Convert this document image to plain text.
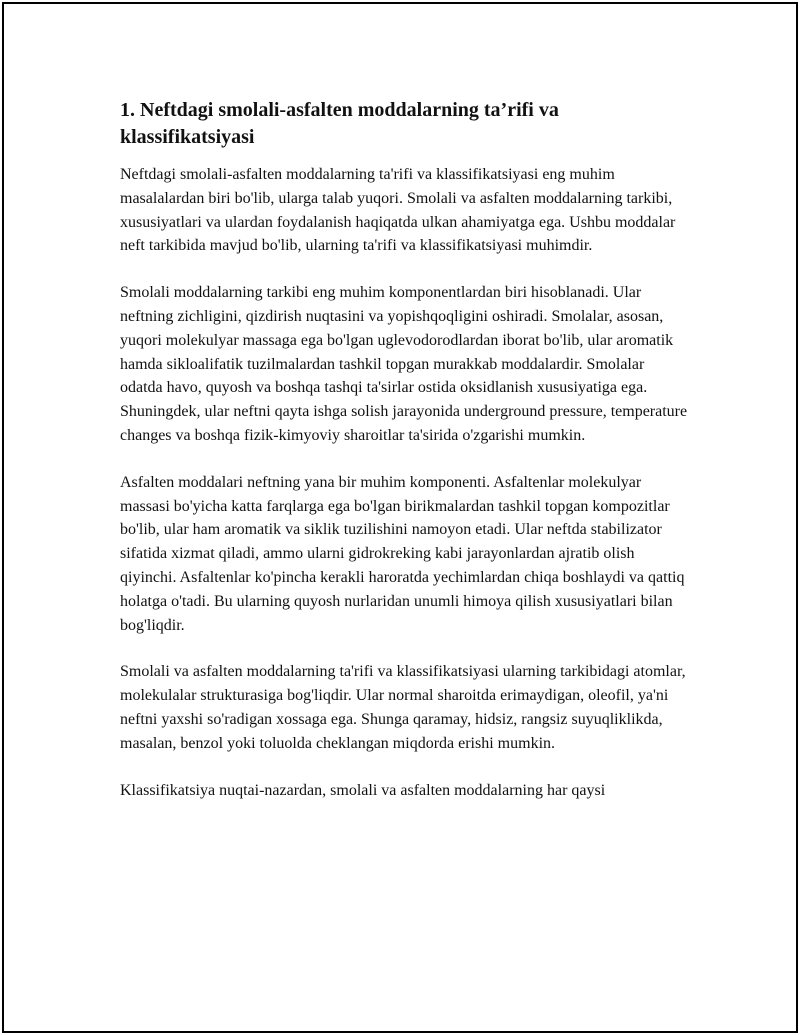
1. Neftdagi smolali-asfalten moddalarning ta’rifi va klassifikatsiyasi

Neftdagi smolali-asfalten moddalarning ta'rifi va klassifikatsiyasi eng muhim masalalardan biri bo'lib, ularga talab yuqori. Smolali va asfalten moddalarning tarkibi, xususiyatlari va ulardan foydalanish haqiqatda ulkan ahamiyatga ega. Ushbu moddalar neft tarkibida mavjud bo'lib, ularning ta'rifi va klassifikatsiyasi muhimdir.

Smolali moddalarning tarkibi eng muhim komponentlardan biri hisoblanadi. Ular neftning zichligini, qizdirish nuqtasini va yopishqoqligini oshiradi. Smolalar, asosan, yuqori molekulyar massaga ega bo'lgan uglevodorodlardan iborat bo'lib, ular aromatik hamda sikloalifatik tuzilmalardan tashkil topgan murakkab moddalardir. Smolalar odatda havo, quyosh va boshqa tashqi ta'sirlar ostida oksidlanish xususiyatiga ega. Shuningdek, ular neftni qayta ishga solish jarayonida underground pressure, temperature changes va boshqa fizik-kimyoviy sharoitlar ta'sirida o'zgarishi mumkin.

Asfalten moddalari neftning yana bir muhim komponenti. Asfaltenlar molekulyar massasi bo'yicha katta farqlarga ega bo'lgan birikmalardan tashkil topgan kompozitlar bo'lib, ular ham aromatik va siklik tuzilishini namoyon etadi. Ular neftda stabilizator sifatida xizmat qiladi, ammo ularni gidrokreking kabi jarayonlardan ajratib olish qiyinchi. Asfaltenlar ko'pincha kerakli haroratda yechimlardan chiqa boshlaydi va qattiq holatga o'tadi. Bu ularning quyosh nurlaridan unumli himoya qilish xususiyatlari bilan bog'liqdir.

Smolali va asfalten moddalarning ta'rifi va klassifikatsiyasi ularning tarkibidagi atomlar, molekulalar strukturasiga bog'liqdir. Ular normal sharoitda erimaydigan, oleofil, ya'ni neftni yaxshi so'radigan xossaga ega. Shunga qaramay, hidsiz, rangsiz suyuqliklikda, masalan, benzol yoki toluolda cheklangan miqdorda erishi mumkin.

Klassifikatsiya nuqtai-nazardan, smolali va asfalten moddalarning har qaysi
